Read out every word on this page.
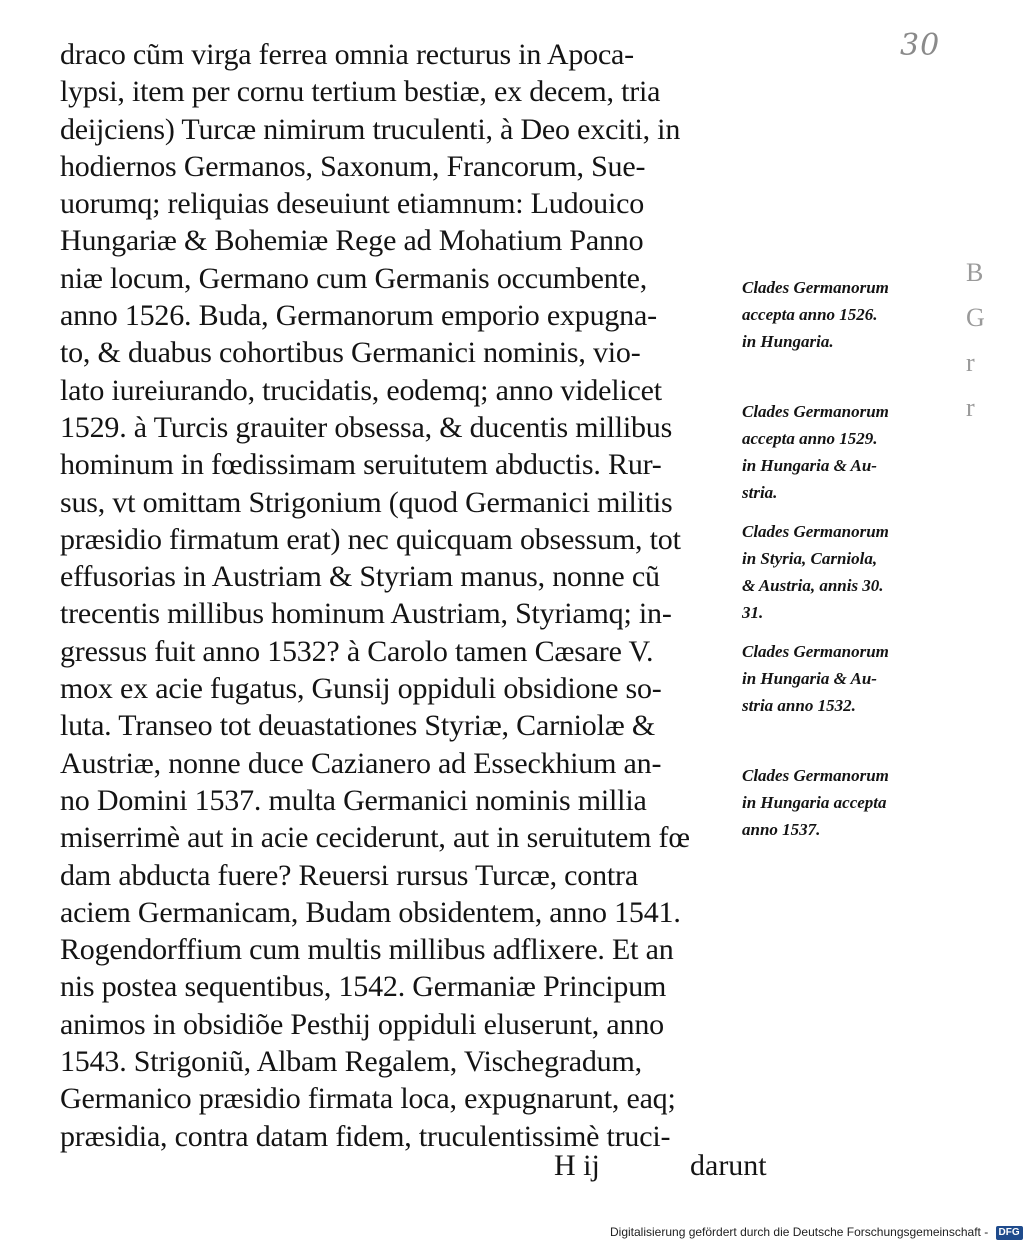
30
draco cũm virga ferrea omnia recturus in Apoca-
lypsi, item per cornu tertium bestiæ, ex decem, tria
deijciens) Turcæ nimirum truculenti, à Deo exciti, in
hodiernos Germanos, Saxonum, Francorum, Sue-
uorumq; reliquias deseuiunt etiamnum: Ludouico
Hungariæ & Bohemiæ Rege ad Mohatium Panno
niæ locum, Germano cum Germanis occumbente,
anno 1526. Buda, Germanorum emporio expugna-
to, & duabus cohortibus Germanici nominis, vio-
lato iureiurando, trucidatis, eodemq; anno videlicet
1529. à Turcis grauiter obsessa, & ducentis millibus
hominum in fœdissimam seruitutem abductis. Rur-
sus, vt omittam Strigonium (quod Germanici militis
præsidio firmatum erat) nec quicquam obsessum, tot
effusorias in Austriam & Styriam manus, nonne cũ
trecentis millibus hominum Austriam, Styriamq; in-
gressus fuit anno 1532? à Carolo tamen Cæsare V.
mox ex acie fugatus, Gunsij oppiduli obsidione so-
luta. Transeo tot deuastationes Styriæ, Carniolæ &
Austriæ, nonne duce Cazianero ad Esseckhium an-
no Domini 1537. multa Germanici nominis millia
miserrimè aut in acie ceciderunt, aut in seruitutem fœ
dam abducta fuere? Reuersi rursus Turcæ, contra
aciem Germanicam, Budam obsidentem, anno 1541.
Rogendorffium cum multis millibus adflixere. Et an
nis postea sequentibus, 1542. Germaniæ Principum
animos in obsidiõe Pesthij oppiduli eluserunt, anno
1543. Strigoniũ, Albam Regalem, Vischegradum,
Germanico præsidio firmata loca, expugnarunt, eaq;
præsidia, contra datam fidem, truculentissimè truci-
H ij	darunt
Clades Germanorum
accepta anno 1526.
in Hungaria.
Clades Germanorum
accepta anno 1529.
in Hungaria & Au-
stria.
Clades Germanorum
in Styria, Carniola,
& Austria, annis 30.
31.
Clades Germanorum
in Hungaria & Au-
stria anno 1532.
Clades Germanorum
in Hungaria accepta
anno 1537.
B
G
r
r
Digitalisierung gefördert durch die Deutsche Forschungsgemeinschaft - DFG
